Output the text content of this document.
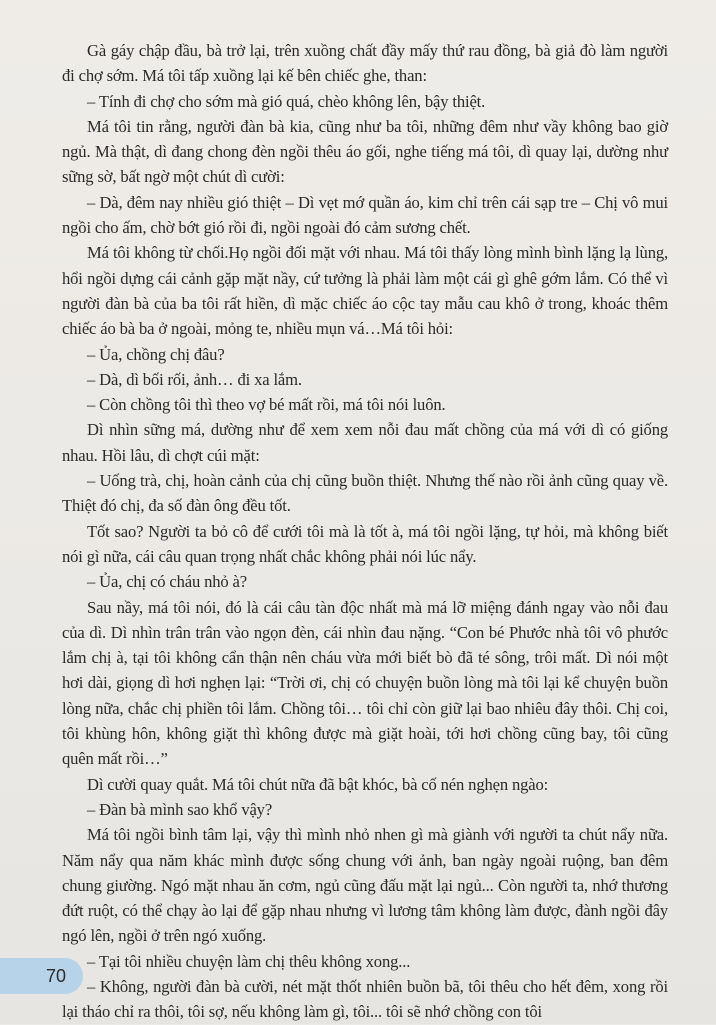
Gà gáy chập đầu, bà trở lại, trên xuồng chất đầy mấy thứ rau đồng, bà giả đò làm người đi chợ sớm. Má tôi tấp xuồng lại kế bên chiếc ghe, than:

– Tính đi chợ cho sớm mà gió quá, chèo không lên, bậy thiệt.

Má tôi tin rằng, người đàn bà kia, cũng như ba tôi, những đêm như vầy không bao giờ ngủ. Mà thật, dì đang chong đèn ngồi thêu áo gối, nghe tiếng má tôi, dì quay lại, dường như sững sờ, bất ngờ một chút dì cười:

– Dà, đêm nay nhiều gió thiệt – Dì vẹt mớ quần áo, kim chỉ trên cái sạp tre – Chị vô mui ngồi cho ấm, chờ bớt gió rồi đi, ngồi ngoài đó cảm sương chết.

Má tôi không từ chối.Họ ngồi đối mặt với nhau. Má tôi thấy lòng mình bình lặng lạ lùng, hổi ngồi dựng cái cảnh gặp mặt nầy, cứ tưởng là phải làm một cái gì ghê gớm lắm. Có thể vì người đàn bà của ba tôi rất hiền, dì mặc chiếc áo cộc tay mẫu cau khô ở trong, khoác thêm chiếc áo bà ba ở ngoài, mỏng te, nhiều mụn vá…Má tôi hỏi:

– Ủa, chồng chị đâu?

– Dà, dì bối rối, ảnh… đi xa lắm.

– Còn chồng tôi thì theo vợ bé mất rồi, má tôi nói luôn.

Dì nhìn sững má, dường như để xem xem nỗi đau mất chồng của má với dì có giống nhau. Hồi lâu, dì chợt cúi mặt:

– Uống trà, chị, hoàn cảnh của chị cũng buồn thiệt. Nhưng thế nào rồi ảnh cũng quay về. Thiệt đó chị, đa số đàn ông đều tốt.

Tốt sao? Người ta bỏ cô để cưới tôi mà là tốt à, má tôi ngồi lặng, tự hỏi, mà không biết nói gì nữa, cái câu quan trọng nhất chắc không phải nói lúc nẩy.

– Ủa, chị có cháu nhỏ à?

Sau nầy, má tôi nói, đó là cái câu tàn độc nhất mà má lỡ miệng đánh ngay vào nỗi đau của dì. Dì nhìn trân trân vào ngọn đèn, cái nhìn đau nặng. “Con bé Phước nhà tôi vô phước lắm chị à, tại tôi không cẩn thận nên cháu vừa mới biết bò đã té sông, trôi mất. Dì nói một hơi dài, giọng dì hơi nghẹn lại: “Trời ơi, chị có chuyện buồn lòng mà tôi lại kể chuyện buồn lòng nữa, chắc chị phiền tôi lắm. Chồng tôi… tôi chỉ còn giữ lại bao nhiêu đây thôi. Chị coi, tôi khùng hôn, không giặt thì không được mà giặt hoài, tới hơi chồng cũng bay, tôi cũng quên mất rồi…”

Dì cười quay quắt. Má tôi chút nữa đã bật khóc, bà cố nén nghẹn ngào:

– Đàn bà mình sao khổ vậy?

Má tôi ngồi bình tâm lại, vậy thì mình nhỏ nhen gì mà giành với người ta chút nẩy nữa. Năm nẩy qua năm khác mình được sống chung với ảnh, ban ngày ngoài ruộng, ban đêm chung giường. Ngó mặt nhau ăn cơm, ngủ cũng đấu mặt lại ngủ... Còn người ta, nhớ thương đứt ruột, có thể chạy ào lại để gặp nhau nhưng vì lương tâm không làm được, đành ngồi đây ngó lên, ngồi ở trên ngó xuống.

– Tại tôi nhiều chuyện làm chị thêu không xong...

– Không, người đàn bà cười, nét mặt thốt nhiên buồn bã, tôi thêu cho hết đêm, xong rồi lại tháo chỉ ra thôi, tôi sợ, nếu không làm gì, tôi... tôi sẽ nhớ chồng con tôi

70
